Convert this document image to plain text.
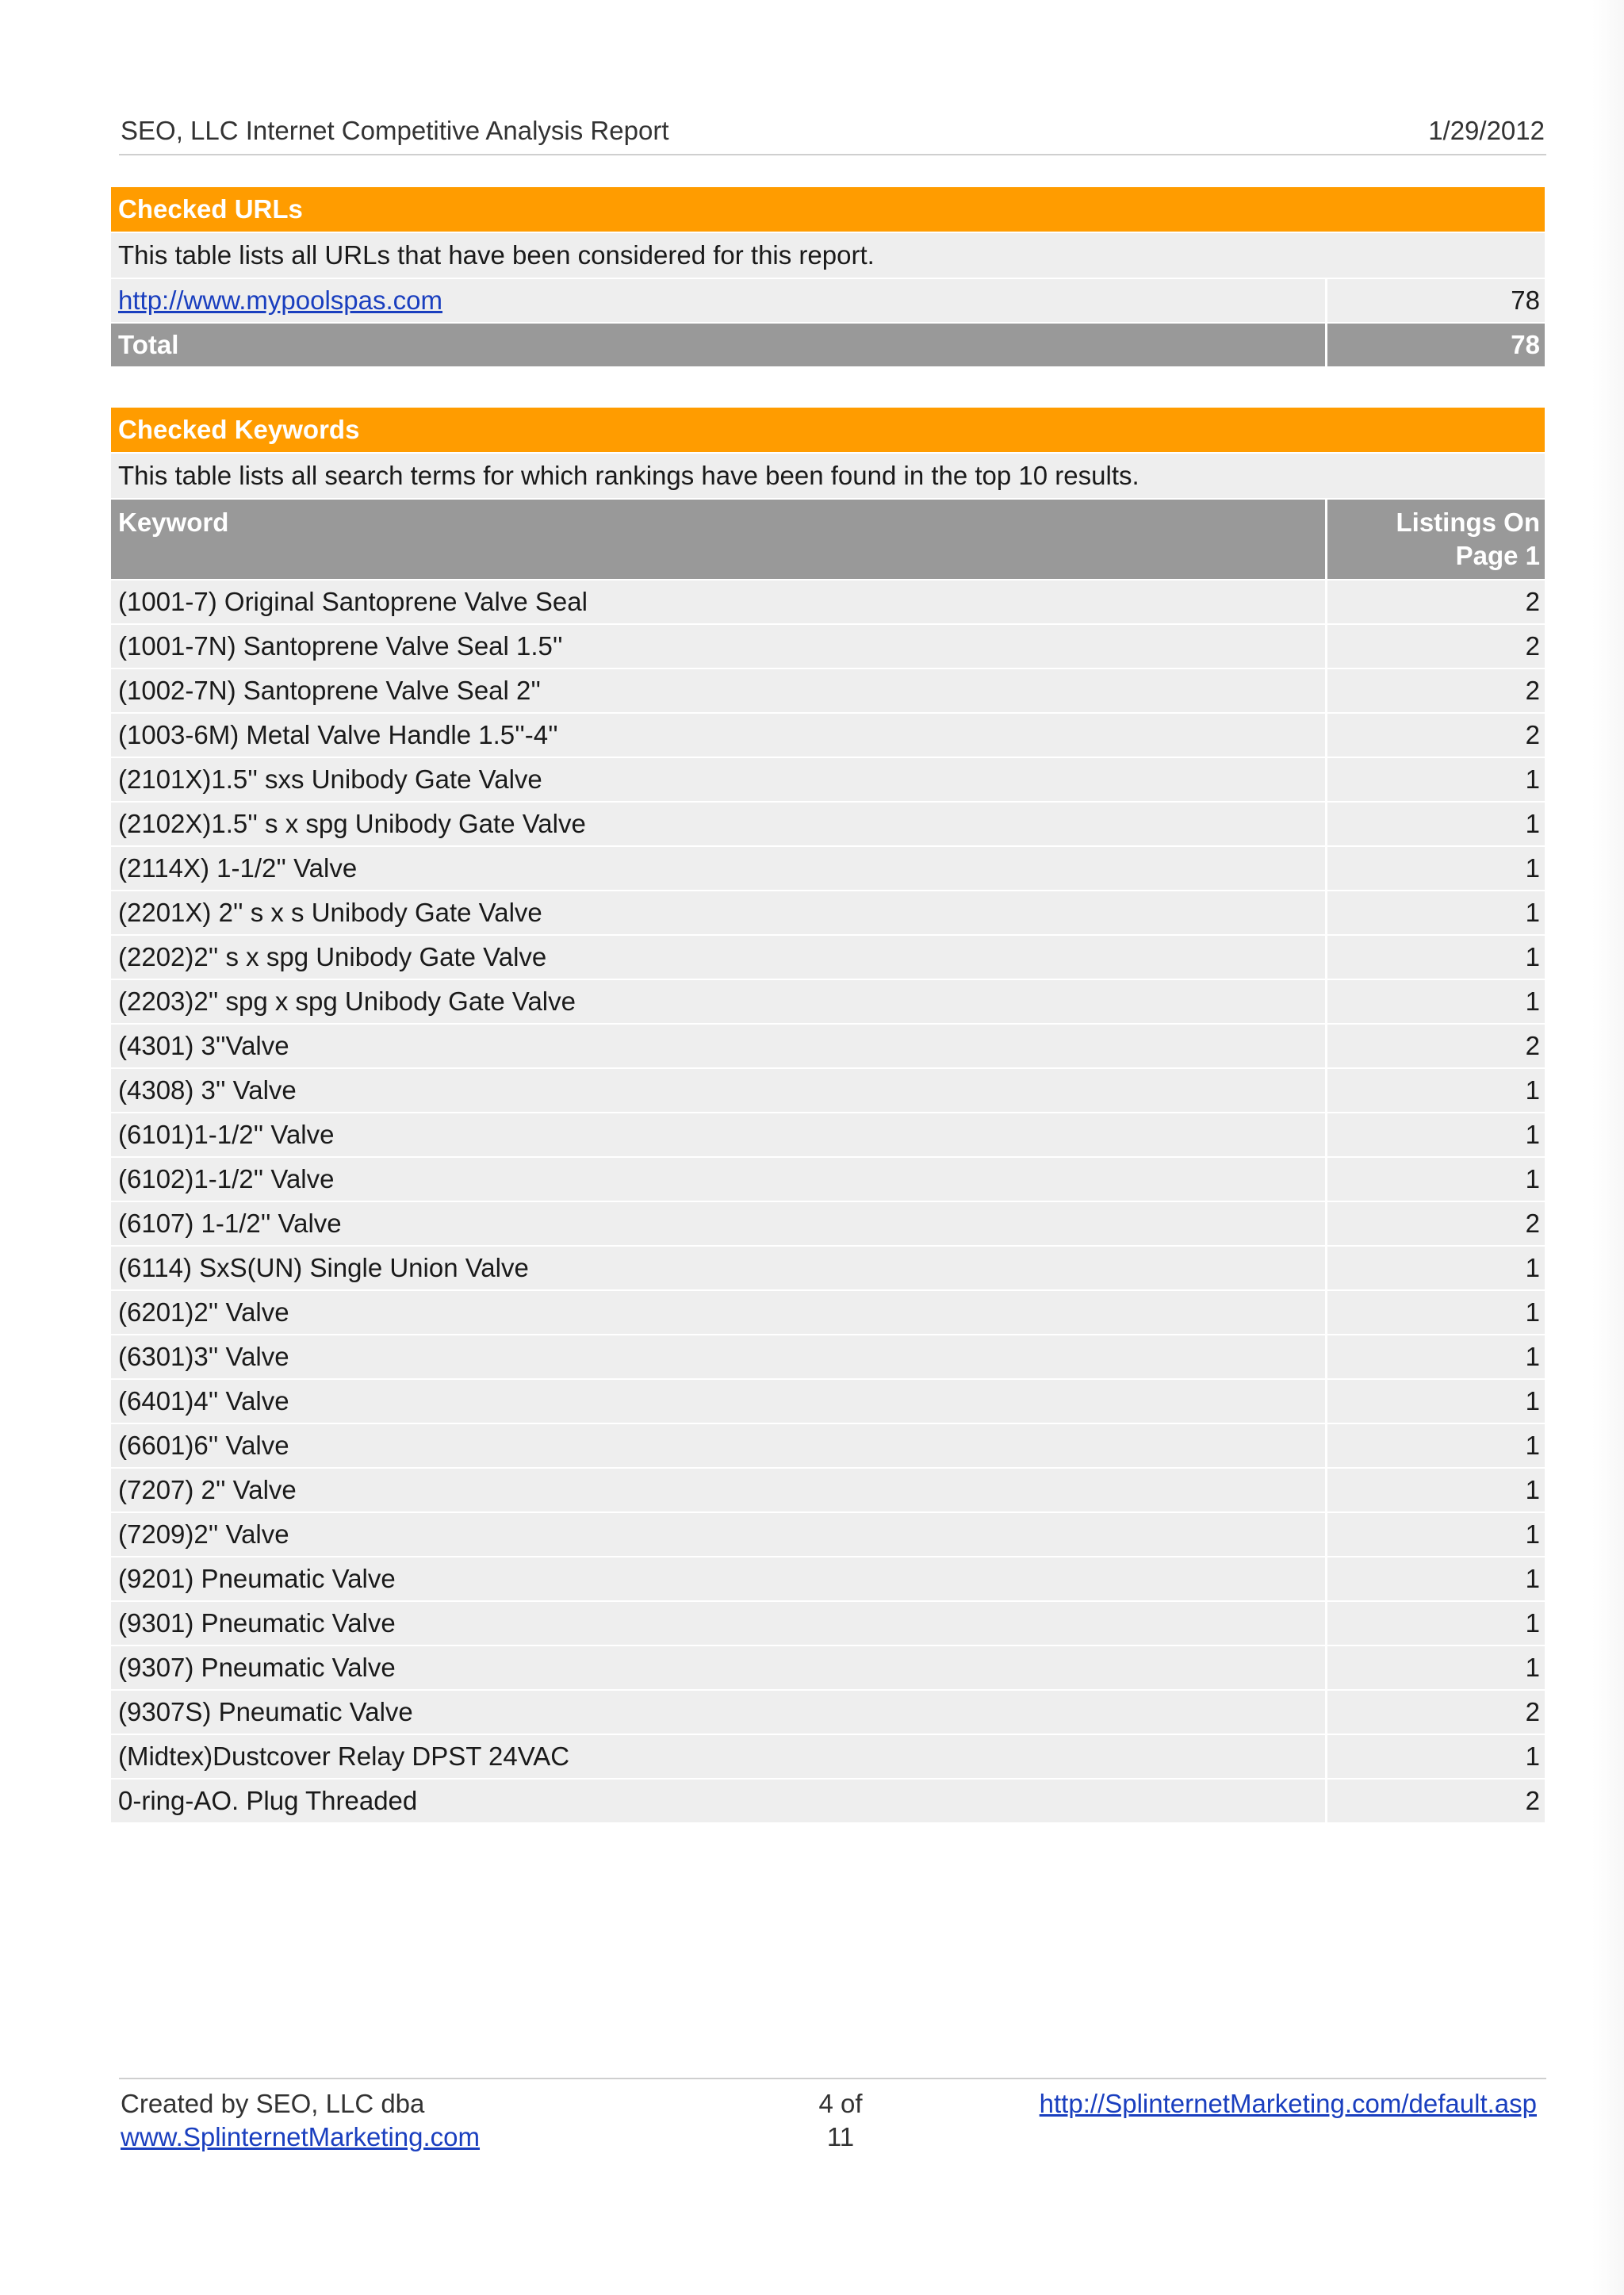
SEO, LLC Internet Competitive Analysis Report	1/29/2012
Checked URLs
This table lists all URLs that have been considered for this report.
http://www.mypoolspas.com	78
Total	78
Checked Keywords
This table lists all search terms for which rankings have been found in the top 10 results.
Keyword	Listings On
Page 1
(1001-7) Original Santoprene Valve Seal	2
(1001-7N) Santoprene Valve Seal 1.5''	2
(1002-7N) Santoprene Valve Seal 2''	2
(1003-6M) Metal Valve Handle 1.5''-4''	2
(2101X)1.5'' sxs Unibody Gate Valve	1
(2102X)1.5'' s x spg Unibody Gate Valve	1
(2114X) 1-1/2'' Valve	1
(2201X) 2'' s x s Unibody Gate Valve	1
(2202)2'' s x spg Unibody Gate Valve	1
(2203)2'' spg x spg Unibody Gate Valve	1
(4301) 3''Valve	2
(4308) 3'' Valve	1
(6101)1-1/2'' Valve	1
(6102)1-1/2'' Valve	1
(6107) 1-1/2'' Valve	2
(6114) SxS(UN) Single Union Valve	1
(6201)2'' Valve	1
(6301)3'' Valve	1
(6401)4'' Valve	1
(6601)6'' Valve	1
(7207) 2'' Valve	1
(7209)2'' Valve	1
(9201) Pneumatic Valve	1
(9301) Pneumatic Valve	1
(9307) Pneumatic Valve	1
(9307S) Pneumatic Valve	2
(Midtex)Dustcover Relay DPST 24VAC	1
0-ring-AO. Plug Threaded	2
Created by SEO, LLC dba
www.SplinternetMarketing.com
4 of
11
http://SplinternetMarketing.com/default.asp
